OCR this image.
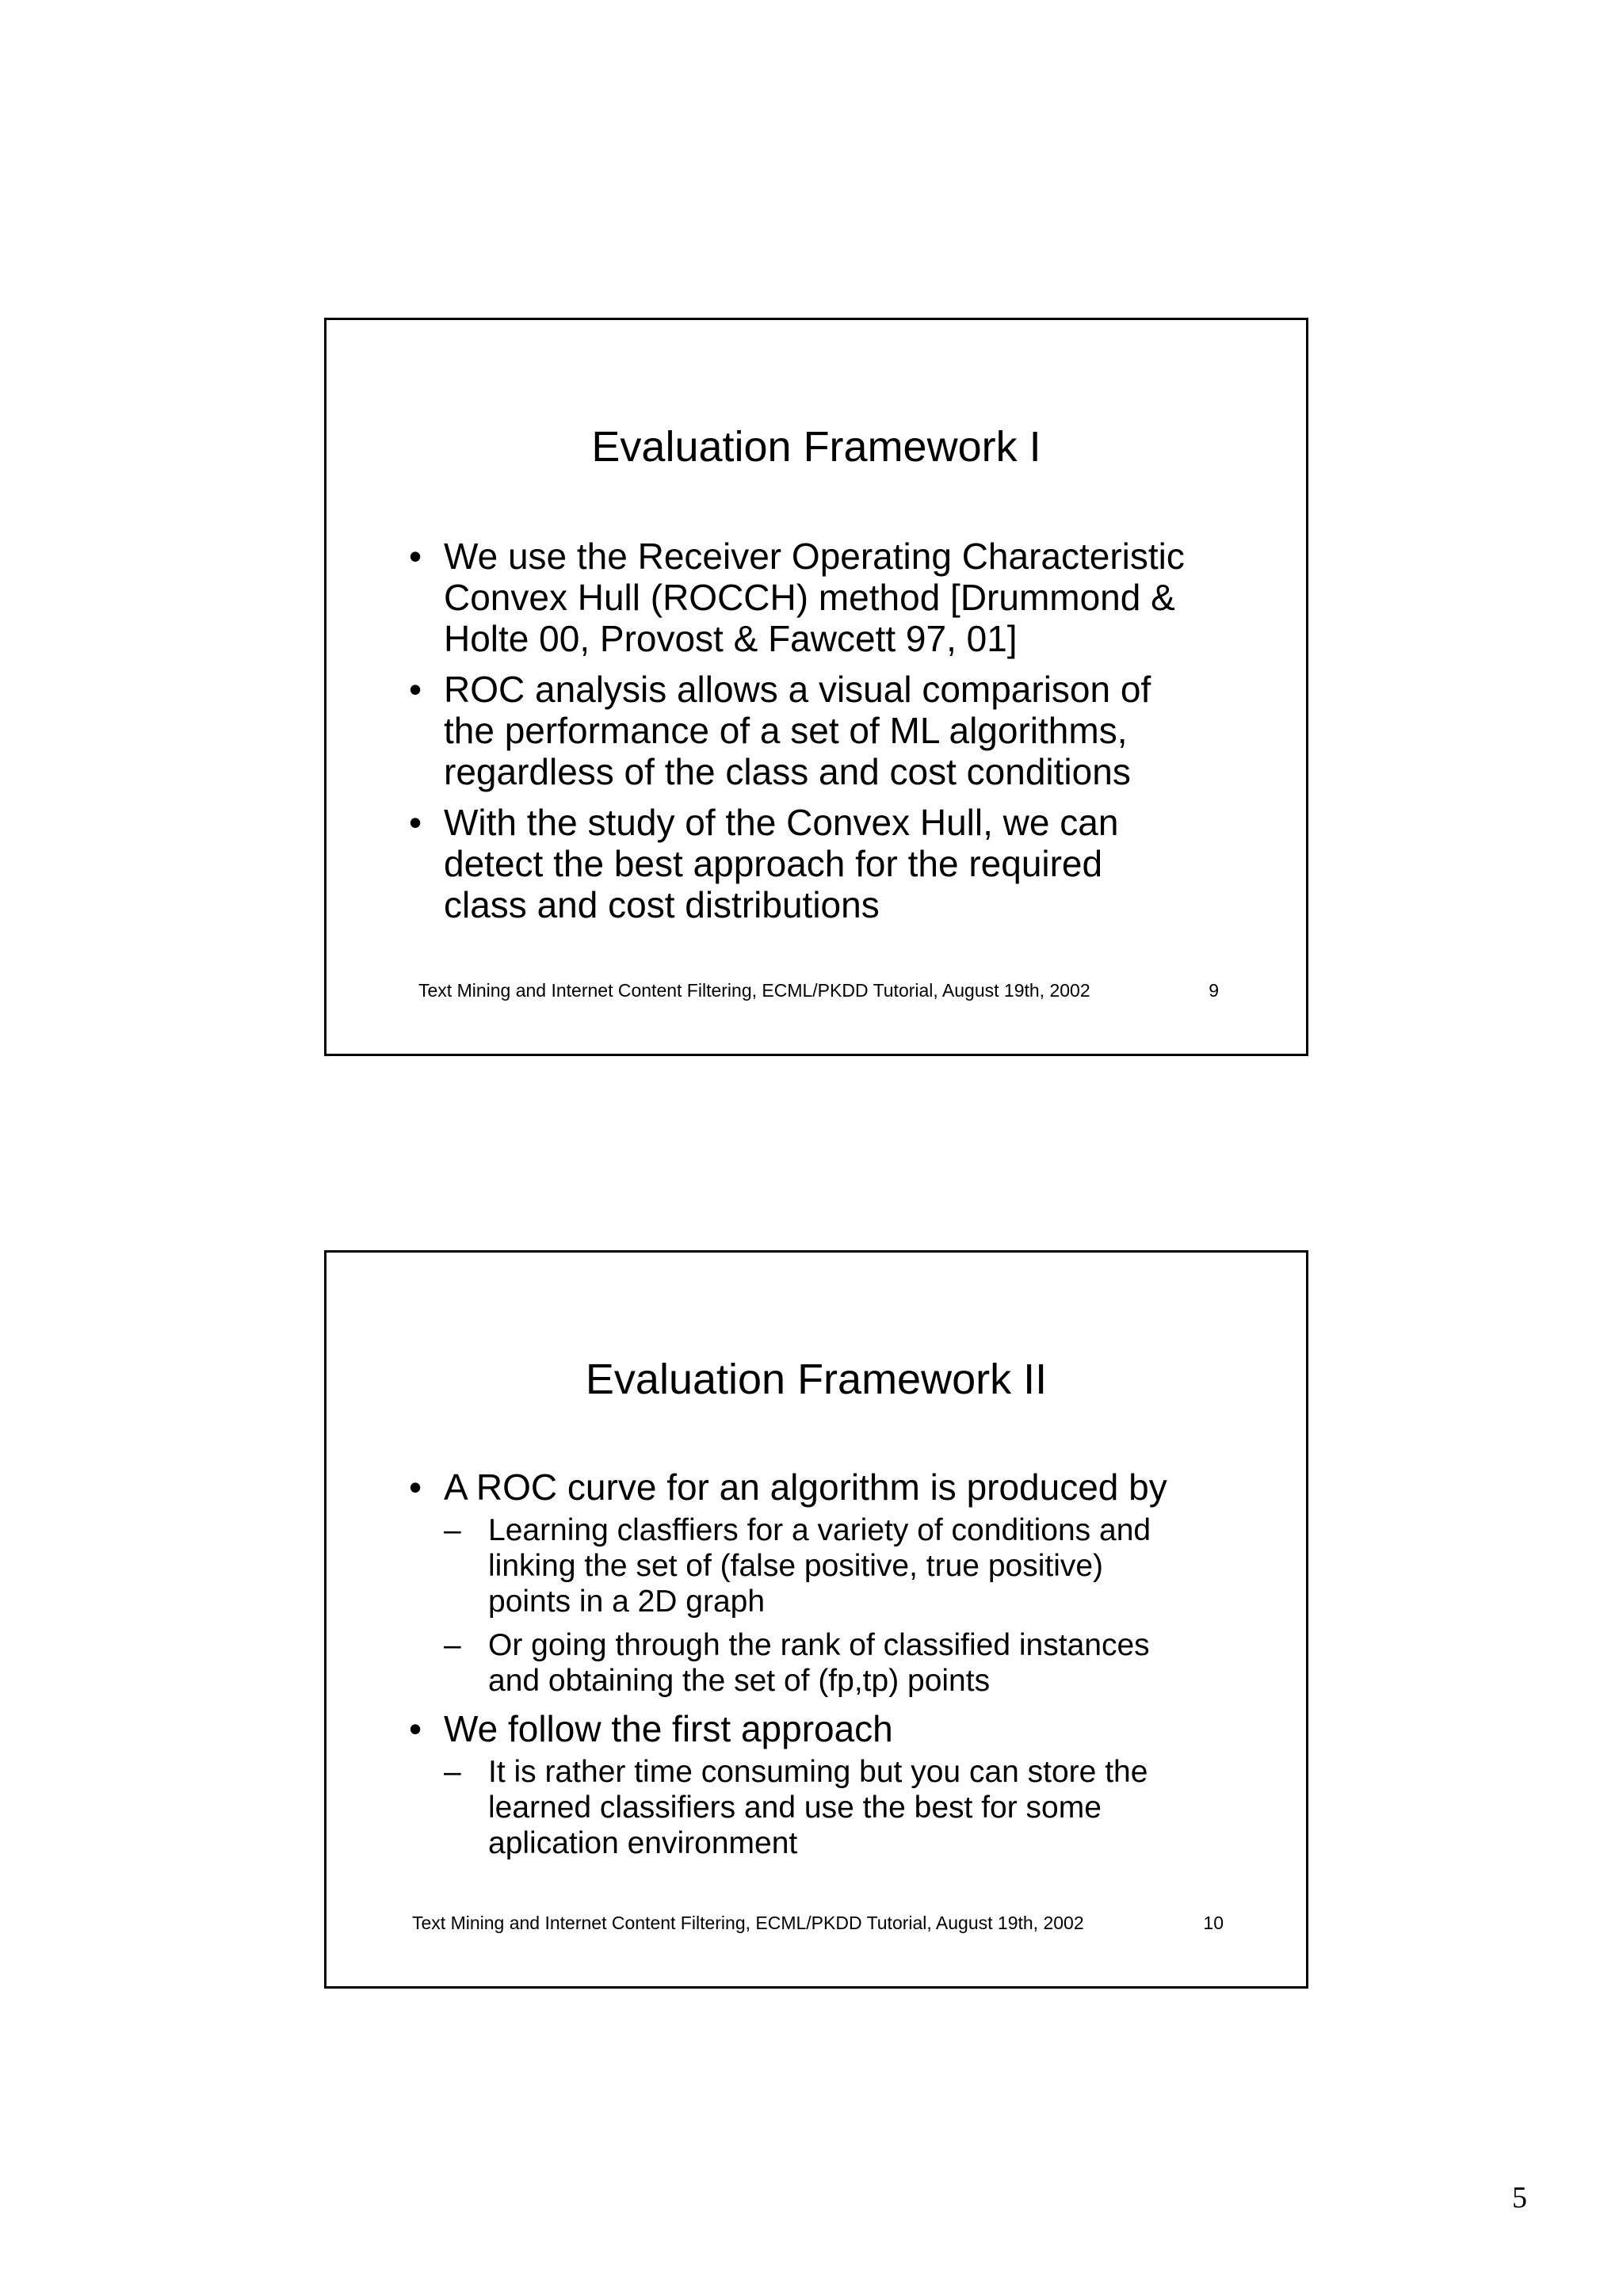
Evaluation Framework I
• We use the Receiver Operating Characteristic
Convex Hull (ROCCH) method [Drummond &
Holte 00, Provost & Fawcett 97, 01]
• ROC analysis allows a visual comparison of
the performance of a set of ML algorithms,
regardless of the class and cost conditions
• With the study of the Convex Hull, we can
detect the best approach for the required
class and cost distributions
Text Mining and Internet Content Filtering, ECML/PKDD Tutorial, August 19th, 2002	9
Evaluation Framework II
• A ROC curve for an algorithm is produced by
– Learning clasffiers for a variety of conditions and
linking the set of (false positive, true positive)
points in a 2D graph
– Or going through the rank of classified instances
and obtaining the set of (fp,tp) points
• We follow the first approach
– It is rather time consuming but you can store the
learned classifiers and use the best for some
aplication environment
Text Mining and Internet Content Filtering, ECML/PKDD Tutorial, August 19th, 2002	10
5
